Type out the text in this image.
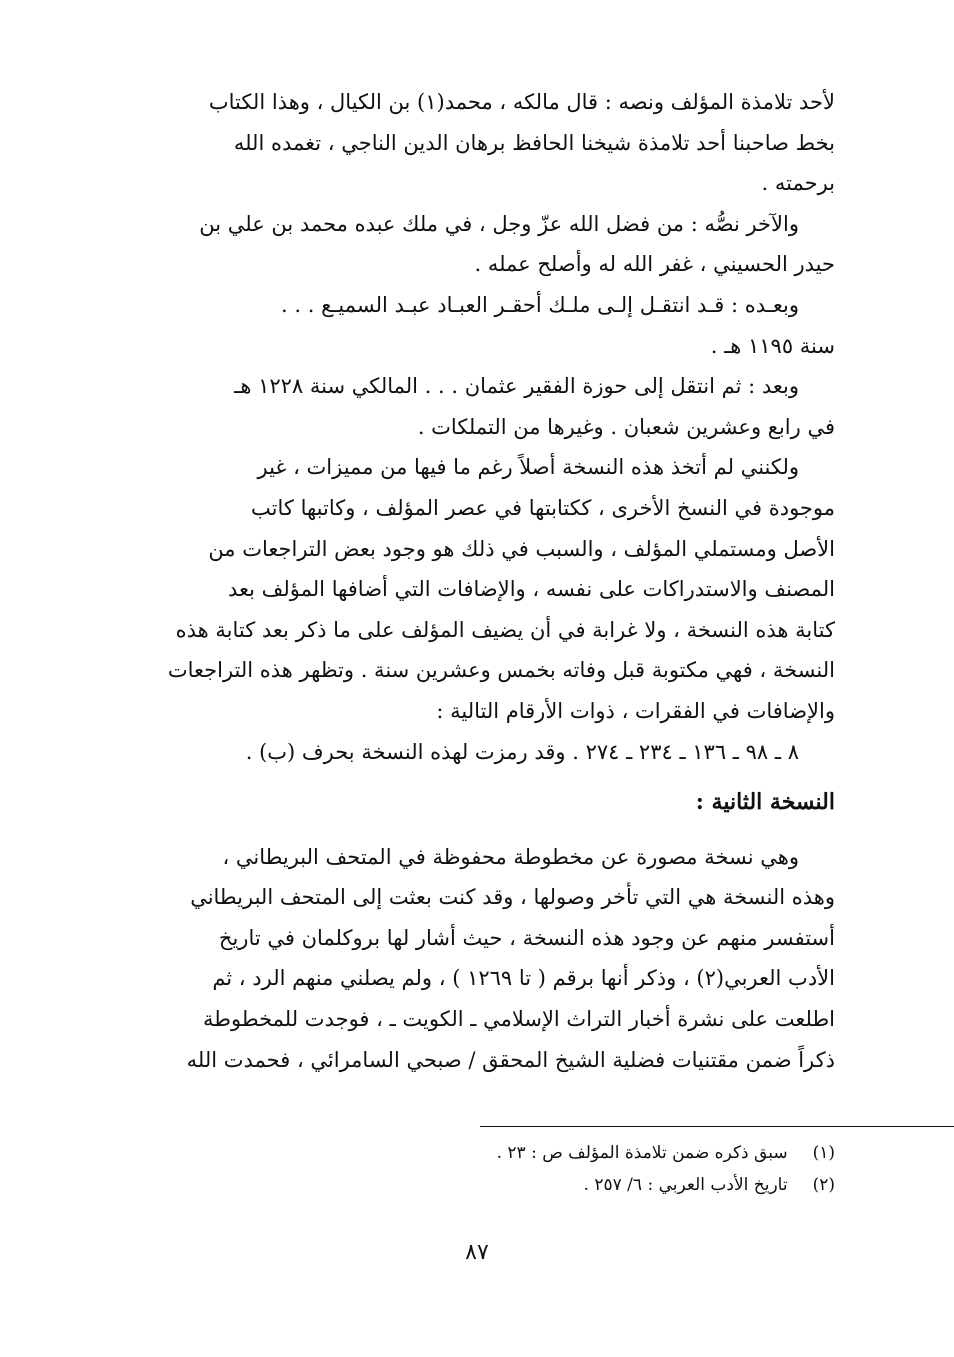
لأحد تلامذة المؤلف ونصه : قال مالكه ، محمد(١) بن الكيال ، وهذا الكتاب
بخط صاحبنا أحد تلامذة شيخنا الحافظ برهان الدين الناجي ، تغمده الله
برحمته .
والآخر نصُّه : من فضل الله عزّ وجل ، في ملك عبده محمد بن علي بن
حيدر الحسيني ، غفر الله له وأصلح عمله .
وبعـده : قـد انتقـل إلـى ملـك أحقـر العبـاد عبـد السميـع . . .
سنة ١١٩٥ هـ .
وبعد : ثم انتقل إلى حوزة الفقير عثمان . . . المالكي سنة ١٢٢٨ هـ
في رابع وعشرين شعبان . وغيرها من التملكات .
ولكنني لم أتخذ هذه النسخة أصلاً رغم ما فيها من مميزات ، غير
موجودة في النسخ الأخرى ، ككتابتها في عصر المؤلف ، وكاتبها كاتب
الأصل ومستملي المؤلف ، والسبب في ذلك هو وجود بعض التراجعات من
المصنف والاستدراكات على نفسه ، والإضافات التي أضافها المؤلف بعد
كتابة هذه النسخة ، ولا غرابة في أن يضيف المؤلف على ما ذكر بعد كتابة هذه
النسخة ، فهي مكتوبة قبل وفاته بخمس وعشرين سنة . وتظهر هذه التراجعات
والإضافات في الفقرات ، ذوات الأرقام التالية :
٨ ـ ٩٨ ـ ١٣٦ ـ ٢٣٤ ـ ٢٧٤ . وقد رمزت لهذه النسخة بحرف (ب) .
النسخة الثانية :
وهي نسخة مصورة عن مخطوطة محفوظة في المتحف البريطاني ،
وهذه النسخة هي التي تأخر وصولها ، وقد كنت بعثت إلى المتحف البريطاني
أستفسر منهم عن وجود هذه النسخة ، حيث أشار لها بروكلمان في تاريخ
الأدب العربي(٢) ، وذكر أنها برقم ( تا ١٢٦٩ ) ، ولم يصلني منهم الرد ، ثم
اطلعت على نشرة أخبار التراث الإسلامي ـ الكويت ـ ، فوجدت للمخطوطة
ذكراً ضمن مقتنيات فضلية الشيخ المحقق / صبحي السامرائي ، فحمدت الله
(١) سبق ذكره ضمن تلامذة المؤلف ص : ٢٣ .
(٢) تاريخ الأدب العربي : ٦/ ٢٥٧ .
٨٧
